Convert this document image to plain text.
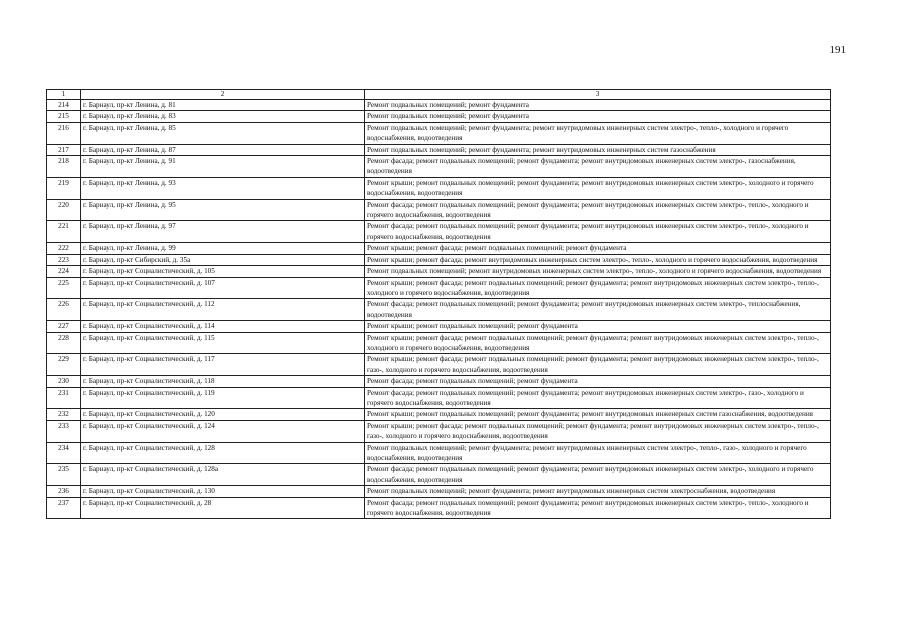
191
1	2	3
214	г. Барнаул, пр-кт Ленина, д. 81	Ремонт подвальных помещений; ремонт фундамента
215	г. Барнаул, пр-кт Ленина, д. 83	Ремонт подвальных помещений; ремонт фундамента
216	г. Барнаул, пр-кт Ленина, д. 85	Ремонт подвальных помещений; ремонт фундамента; ремонт внутридомовых инженерных систем электро-, тепло-, холодного и горячего водоснабжения, водоотведения
217	г. Барнаул, пр-кт Ленина, д. 87	Ремонт подвальных помещений; ремонт фундамента; ремонт внутридомовых инженерных систем газоснабжения
218	г. Барнаул, пр-кт Ленина, д. 91	Ремонт фасада; ремонт подвальных помещений; ремонт фундамента; ремонт внутридомовых инженерных систем электро-, газоснабжения, водоотведения
219	г. Барнаул, пр-кт Ленина, д. 93	Ремонт крыши; ремонт подвальных помещений; ремонт фундамента; ремонт внутридомовых инженерных систем электро-, холодного и горячего водоснабжения, водоотведения
220	г. Барнаул, пр-кт Ленина, д. 95	Ремонт фасада; ремонт подвальных помещений; ремонт фундамента; ремонт внутридомовых инженерных систем электро-, тепло-, холодного и горячего водоснабжения, водоотведения
221	г. Барнаул, пр-кт Ленина, д. 97	Ремонт фасада; ремонт подвальных помещений; ремонт фундамента; ремонт внутридомовых инженерных систем электро-, тепло-, холодного и горячего водоснабжения, водоотведения
222	г. Барнаул, пр-кт Ленина, д. 99	Ремонт крыши; ремонт фасада; ремонт подвальных помещений; ремонт фундамента
223	г. Барнаул, пр-кт Сибирский, д. 35а	Ремонт крыши; ремонт фасада; ремонт внутридомовых инженерных систем электро-, тепло-, холодного и горячего водоснабжения, водоотведения
224	г. Барнаул, пр-кт Социалистический, д. 105	Ремонт подвальных помещений; ремонт внутридомовых инженерных систем электро-, тепло-, холодного и горячего водоснабжения, водоотведения
225	г. Барнаул, пр-кт Социалистический, д. 107	Ремонт крыши; ремонт фасада; ремонт подвальных помещений; ремонт фундамента; ремонт внутридомовых инженерных систем электро-, тепло-, холодного и горячего водоснабжения, водоотведения
226	г. Барнаул, пр-кт Социалистический, д. 112	Ремонт фасада; ремонт подвальных помещений; ремонт фундамента; ремонт внутридомовых инженерных систем электро-, теплоснабжения, водоотведения
227	г. Барнаул, пр-кт Социалистический, д. 114	Ремонт крыши; ремонт подвальных помещений; ремонт фундамента
228	г. Барнаул, пр-кт Социалистический, д. 115	Ремонт крыши; ремонт фасада; ремонт подвальных помещений; ремонт фундамента; ремонт внутридомовых инженерных систем электро-, тепло-, холодного и горячего водоснабжения, водоотведения
229	г. Барнаул, пр-кт Социалистический, д. 117	Ремонт крыши; ремонт фасада; ремонт подвальных помещений; ремонт фундамента; ремонт внутридомовых инженерных систем электро-, тепло-, газо-, холодного и горячего водоснабжения, водоотведения
230	г. Барнаул, пр-кт Социалистический, д. 118	Ремонт фасада; ремонт подвальных помещений; ремонт фундамента
231	г. Барнаул, пр-кт Социалистический, д. 119	Ремонт фасада; ремонт подвальных помещений; ремонт фундамента; ремонт внутридомовых инженерных систем электро-, газо-, холодного и горячего водоснабжения, водоотведения
232	г. Барнаул, пр-кт Социалистический, д. 120	Ремонт крыши; ремонт подвальных помещений; ремонт фундамента; ремонт внутридомовых инженерных систем газоснабжения, водоотведения
233	г. Барнаул, пр-кт Социалистический, д. 124	Ремонт крыши; ремонт фасада; ремонт подвальных помещений; ремонт фундамента; ремонт внутридомовых инженерных систем электро-, тепло-, газо-, холодного и горячего водоснабжения, водоотведения
234	г. Барнаул, пр-кт Социалистический, д. 128	Ремонт подвальных помещений; ремонт фундамента; ремонт внутридомовых инженерных систем электро-, тепло-, газо-, холодного и горячего водоснабжения, водоотведения
235	г. Барнаул, пр-кт Социалистический, д. 128а	Ремонт фасада; ремонт подвальных помещений; ремонт фундамента; ремонт внутридомовых инженерных систем электро-, холодного и горячего водоснабжения, водоотведения
236	г. Барнаул, пр-кт Социалистический, д. 130	Ремонт подвальных помещений; ремонт фундамента; ремонт внутридомовых инженерных систем электроснабжения, водоотведения
237	г. Барнаул, пр-кт Социалистический, д. 28	Ремонт фасада; ремонт подвальных помещений; ремонт фундамента; ремонт внутридомовых инженерных систем электро-, тепло-, холодного и горячего водоснабжения, водоотведения
